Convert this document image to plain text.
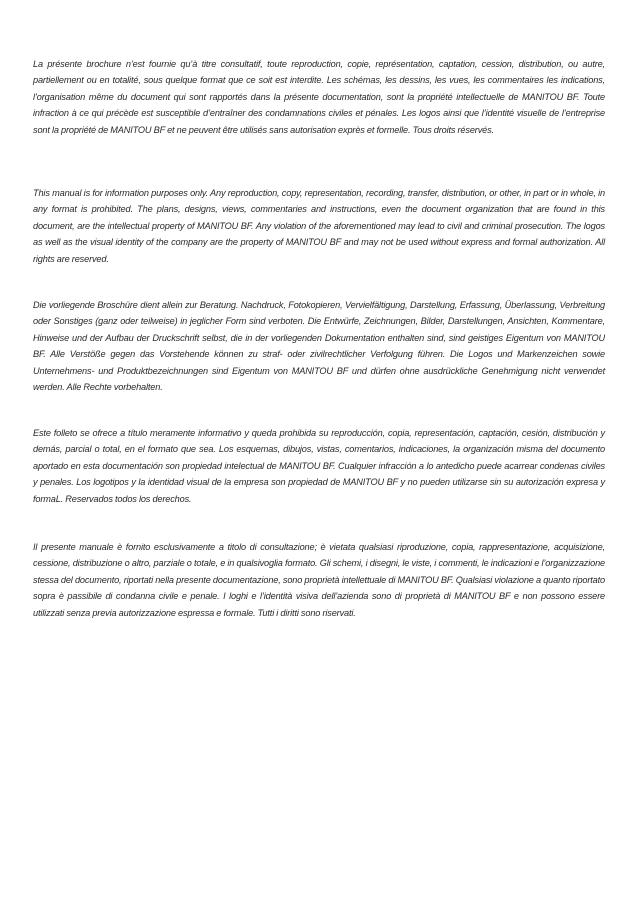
La présente brochure n’est fournie qu’à titre consultatif, toute reproduction, copie, représentation, captation, cession, distribution, ou autre, partiellement ou en totalité, sous quelque format que ce soit est interdite. Les schémas, les dessins, les vues, les commentaires les indications, l’organisation même du document qui sont rapportés dans la présente documentation, sont la propriété intellectuelle de MANITOU BF. Toute infraction à ce qui précède est susceptible d’entraîner des condamnations civiles et pénales. Les logos ainsi que l’identité visuelle de l’entreprise sont la propriété de MANITOU BF et ne peuvent être utilisés sans autorisation exprès et formelle. Tous droits réservés.

This manual is for information purposes only. Any reproduction, copy, representation, recording, transfer, distribution, or other, in part or in whole, in any format is prohibited. The plans, designs, views, commentaries and instructions, even the document organization that are found in this document, are the intellectual property of MANITOU BF. Any violation of the aforementioned may lead to civil and criminal prosecution. The logos as well as the visual identity of the company are the property of MANITOU BF and may not be used without express and formal authorization. All rights are reserved.

Die vorliegende Broschüre dient allein zur Beratung. Nachdruck, Fotokopieren, Vervielfältigung, Darstellung, Erfassung, Überlassung, Verbreitung oder Sonstiges (ganz oder teilweise) in jeglicher Form sind verboten. Die Entwürfe, Zeichnungen, Bilder, Darstellungen, Ansichten, Kommentare, Hinweise und der Aufbau der Druckschrift selbst, die in der vorliegenden Dokumentation enthalten sind, sind geistiges Eigentum von MANITOU BF. Alle Verstöße gegen das Vorstehende können zu straf- oder zivilrechtlicher Verfolgung führen. Die Logos und Markenzeichen sowie Unternehmens- und Produktbezeichnungen sind Eigentum von MANITOU BF und dürfen ohne ausdrückliche Genehmigung nicht verwendet werden. Alle Rechte vorbehalten.

Este folleto se ofrece a título meramente informativo y queda prohibida su reproducción, copia, representación, captación, cesión, distribución y demás, parcial o total, en el formato que sea. Los esquemas, dibujos, vistas, comentarios, indicaciones, la organización misma del documento aportado en esta documentación son propiedad intelectual de MANITOU BF. Cualquier infracción a lo antedicho puede acarrear condenas civiles y penales. Los logotipos y la identidad visual de la empresa son propiedad de MANITOU BF y no pueden utilizarse sin su autorización expresa y formaL. Reservados todos los derechos.

Il presente manuale è fornito esclusivamente a titolo di consultazione; è vietata qualsiasi riproduzione, copia, rappresentazione, acquisizione, cessione, distribuzione o altro, parziale o totale, e in qualsivoglia formato. Gli schemi, i disegni, le viste, i commenti, le indicazioni e l’organizzazione stessa del documento, riportati nella presente documentazione, sono proprietà intellettuale di MANITOU BF. Qualsiasi violazione a quanto riportato sopra è passibile di condanna civile e penale. I loghi e l’identità visiva dell’azienda sono di proprietà di MANITOU BF e non possono essere utilizzati senza previa autorizzazione espressa e formale. Tutti i diritti sono riservati.
